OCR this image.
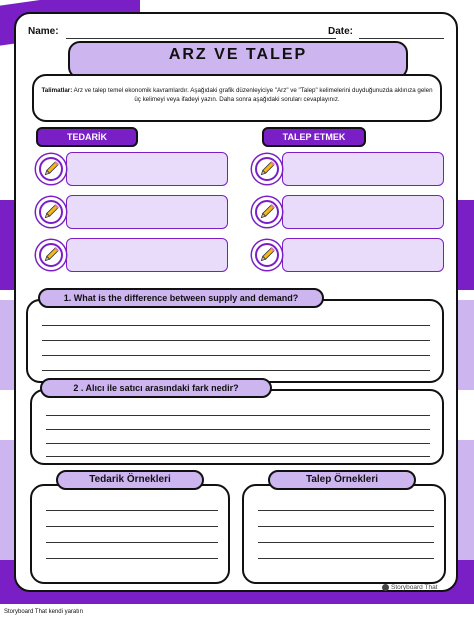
Name:	Date:
ARZ VE TALEP

Talimatlar: Arz ve talep temel ekonomik kavramlardır. Aşağıdaki grafik düzenleyiciye "Arz" ve "Talep" kelimelerini duyduğunuzda aklınıza gelen üç kelimeyi veya ifadeyi yazın. Daha sonra aşağıdaki soruları cevaplayınız.

TEDARİK	TALEP ETMEK
1. What is the difference between supply and demand?
2 . Alıcı ile satıcı arasındaki fark nedir?
Tedarik Örnekleri	Talep Örnekleri
Storyboard That
Storyboard That kendi yaratın
